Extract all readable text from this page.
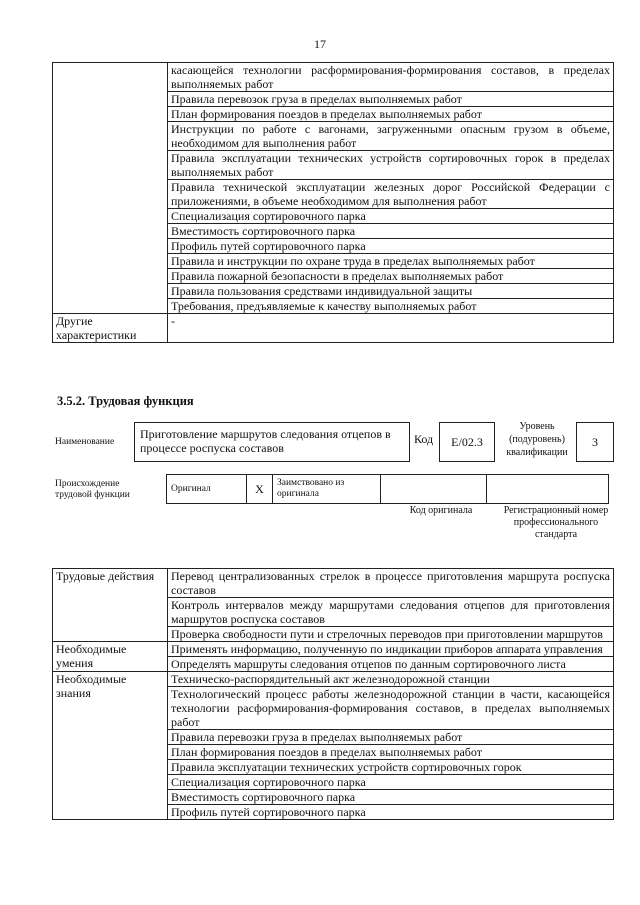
17
	касающейся технологии расформирования-формирования составов, в пределах выполняемых работ
	Правила перевозок груза в пределах выполняемых работ
	План формирования поездов в пределах выполняемых работ
	Инструкции по работе с вагонами, загруженными опасным грузом в объеме, необходимом для выполнения работ
	Правила эксплуатации технических устройств сортировочных горок в пределах выполняемых работ
	Правила технической эксплуатации железных дорог Российской Федерации с приложениями, в объеме необходимом для выполнения работ
	Специализация сортировочного парка
	Вместимость сортировочного парка
	Профиль путей сортировочного парка
	Правила и инструкции по охране труда в пределах выполняемых работ
	Правила пожарной безопасности в пределах выполняемых работ
	Правила пользования средствами индивидуальной защиты
	Требования, предъявляемые к качеству выполняемых работ
Другие характеристики	-
3.5.2. Трудовая функция
Наименование
Приготовление маршрутов следования отцепов в процессе роспуска составов
Код	Е/02.3
Уровень (подуровень) квалификации
3
Происхождение трудовой функции
Оригинал	X	Заимствовано из оригинала		
Код оригинала	Регистрационный номер профессионального стандарта
Трудовые действия	Перевод централизованных стрелок в процессе приготовления маршрута роспуска составов
	Контроль интервалов между маршрутами следования отцепов для приготовления маршрутов роспуска составов
	Проверка свободности пути и стрелочных переводов при приготовлении маршрутов
Необходимые умения	Применять информацию, полученную по индикации приборов аппарата управления
	Определять маршруты следования отцепов по данным сортировочного листа
Необходимые знания	Техническо-распорядительный акт железнодорожной станции
	Технологический процесс работы железнодорожной станции в части, касающейся технологии расформирования-формирования составов, в пределах выполняемых работ
	Правила перевозки груза в пределах выполняемых работ
	План формирования поездов в пределах выполняемых работ
	Правила эксплуатации технических устройств сортировочных горок
	Специализация сортировочного парка
	Вместимость сортировочного парка
	Профиль путей сортировочного парка
